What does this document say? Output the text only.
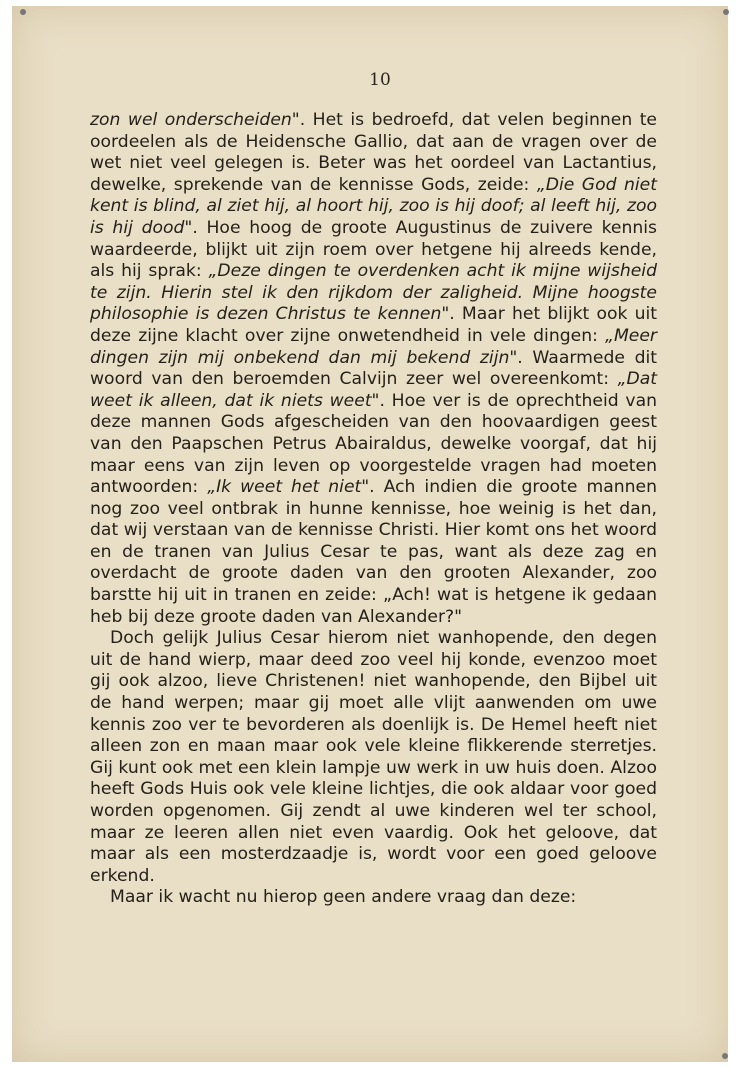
10

zon wel onderscheiden". Het is bedroefd, dat velen beginnen te oordeelen als de Heidensche Gallio, dat aan de vragen over de wet niet veel gelegen is. Beter was het oordeel van Lactantius, dewelke, sprekende van de kennisse Gods, zeide: „Die God niet kent is blind, al ziet hij, al hoort hij, zoo is hij doof; al leeft hij, zoo is hij dood". Hoe hoog de groote Augustinus de zuivere kennis waardeerde, blijkt uit zijn roem over hetgene hij alreeds kende, als hij sprak: „Deze dingen te overdenken acht ik mijne wijsheid te zijn. Hierin stel ik den rijkdom der zaligheid. Mijne hoogste philosophie is dezen Christus te kennen". Maar het blijkt ook uit deze zijne klacht over zijne onwetendheid in vele dingen: „Meer dingen zijn mij onbekend dan mij bekend zijn". Waarmede dit woord van den beroemden Calvijn zeer wel overeenkomt: „Dat weet ik alleen, dat ik niets weet". Hoe ver is de oprechtheid van deze mannen Gods afgescheiden van den hoovaardigen geest van den Paapschen Petrus Abairaldus, dewelke voorgaf, dat hij maar eens van zijn leven op voorgestelde vragen had moeten antwoorden: „Ik weet het niet". Ach indien die groote mannen nog zoo veel ontbrak in hunne kennisse, hoe weinig is het dan, dat wij verstaan van de kennisse Christi. Hier komt ons het woord en de tranen van Julius Cesar te pas, want als deze zag en overdacht de groote daden van den grooten Alexander, zoo barstte hij uit in tranen en zeide: „Ach! wat is hetgene ik gedaan heb bij deze groote daden van Alexander?"

Doch gelijk Julius Cesar hierom niet wanhopende, den degen uit de hand wierp, maar deed zoo veel hij konde, evenzoo moet gij ook alzoo, lieve Christenen! niet wanhopende, den Bijbel uit de hand werpen; maar gij moet alle vlijt aanwenden om uwe kennis zoo ver te bevorderen als doenlijk is. De Hemel heeft niet alleen zon en maan maar ook vele kleine flikkerende sterretjes. Gij kunt ook met een klein lampje uw werk in uw huis doen. Alzoo heeft Gods Huis ook vele kleine lichtjes, die ook aldaar voor goed worden opgenomen. Gij zendt al uwe kinderen wel ter school, maar ze leeren allen niet even vaardig. Ook het geloove, dat maar als een mosterdzaadje is, wordt voor een goed geloove erkend.

Maar ik wacht nu hierop geen andere vraag dan deze:
